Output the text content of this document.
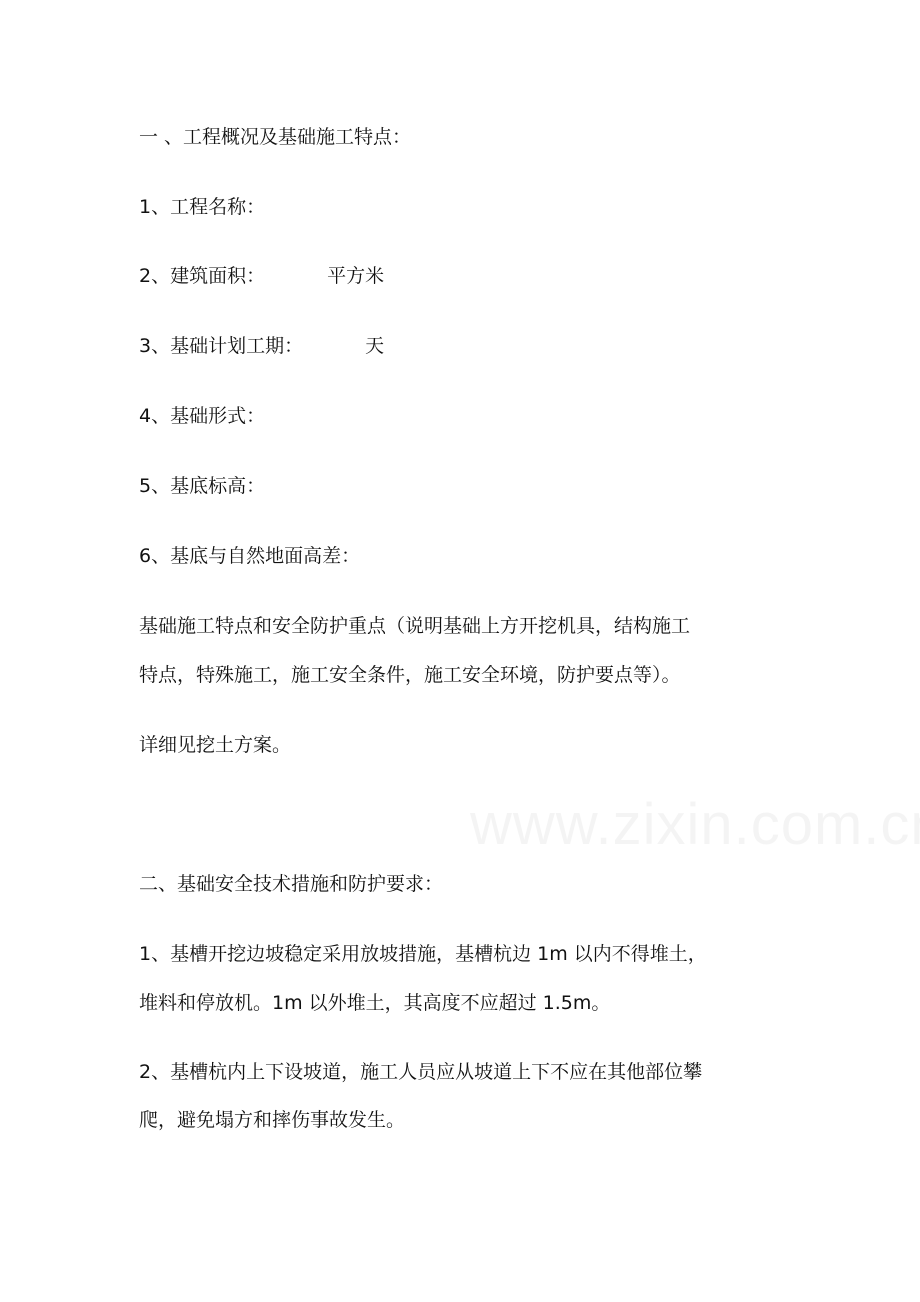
一 、工程概况及基础施工特点：
1、工程名称：
2、建筑面积：	平方米
3、基础计划工期：	天
4、基础形式：
5、基底标高：
6、基底与自然地面高差：
基础施工特点和安全防护重点（说明基础上方开挖机具，结构施工
特点，特殊施工，施工安全条件，施工安全环境，防护要点等）。
详细见挖土方案。
二、基础安全技术措施和防护要求：
1、基槽开挖边坡稳定采用放坡措施，基槽杭边 1m 以内不得堆土，
堆料和停放机。1m 以外堆土，其高度不应超过 1.5m。
2、基槽杭内上下设坡道，施工人员应从坡道上下不应在其他部位攀
爬，避免塌方和摔伤事故发生。
